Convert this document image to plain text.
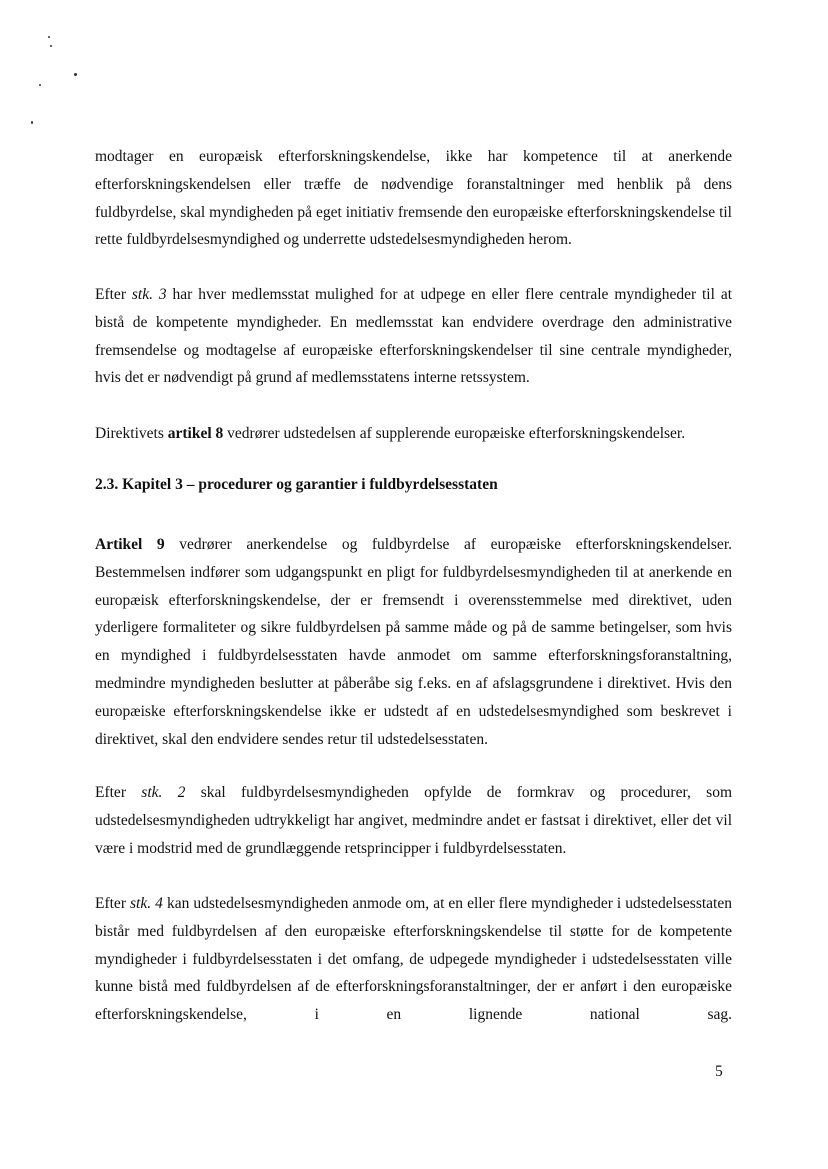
modtager en europæisk efterforskningskendelse, ikke har kompetence til at anerkende efterforskningskendelsen eller træffe de nødvendige foranstaltninger med henblik på dens fuldbyrdelse, skal myndigheden på eget initiativ fremsende den europæiske efterforskningskendelse til rette fuldbyrdelsesmyndighed og underrette udstedelsesmyndigheden herom.

Efter stk. 3 har hver medlemsstat mulighed for at udpege en eller flere centrale myndigheder til at bistå de kompetente myndigheder. En medlemsstat kan endvidere overdrage den administrative fremsendelse og modtagelse af europæiske efterforskningskendelser til sine centrale myndigheder, hvis det er nødvendigt på grund af medlemsstatens interne retssystem.

Direktivets artikel 8 vedrører udstedelsen af supplerende europæiske efterforskningskendelser.

2.3. Kapitel 3 – procedurer og garantier i fuldbyrdelsesstaten

Artikel 9 vedrører anerkendelse og fuldbyrdelse af europæiske efterforskningskendelser. Bestemmelsen indfører som udgangspunkt en pligt for fuldbyrdelsesmyndigheden til at anerkende en europæisk efterforskningskendelse, der er fremsendt i overensstemmelse med direktivet, uden yderligere formaliteter og sikre fuldbyrdelsen på samme måde og på de samme betingelser, som hvis en myndighed i fuldbyrdelsesstaten havde anmodet om samme efterforskningsforanstaltning, medmindre myndigheden beslutter at påberåbe sig f.eks. en af afslagsgrundene i direktivet. Hvis den europæiske efterforskningskendelse ikke er udstedt af en udstedelsesmyndighed som beskrevet i direktivet, skal den endvidere sendes retur til udstedelsesstaten.

Efter stk. 2 skal fuldbyrdelsesmyndigheden opfylde de formkrav og procedurer, som udstedelsesmyndigheden udtrykkeligt har angivet, medmindre andet er fastsat i direktivet, eller det vil være i modstrid med de grundlæggende retsprincipper i fuldbyrdelsesstaten.

Efter stk. 4 kan udstedelsesmyndigheden anmode om, at en eller flere myndigheder i udstedelsesstaten bistår med fuldbyrdelsen af den europæiske efterforskningskendelse til støtte for de kompetente myndigheder i fuldbyrdelsesstaten i det omfang, de udpegede myndigheder i udstedelsesstaten ville kunne bistå med fuldbyrdelsen af de efterforskningsforanstaltninger, der er anført i den europæiske efterforskningskendelse, i en lignende national sag.

5
